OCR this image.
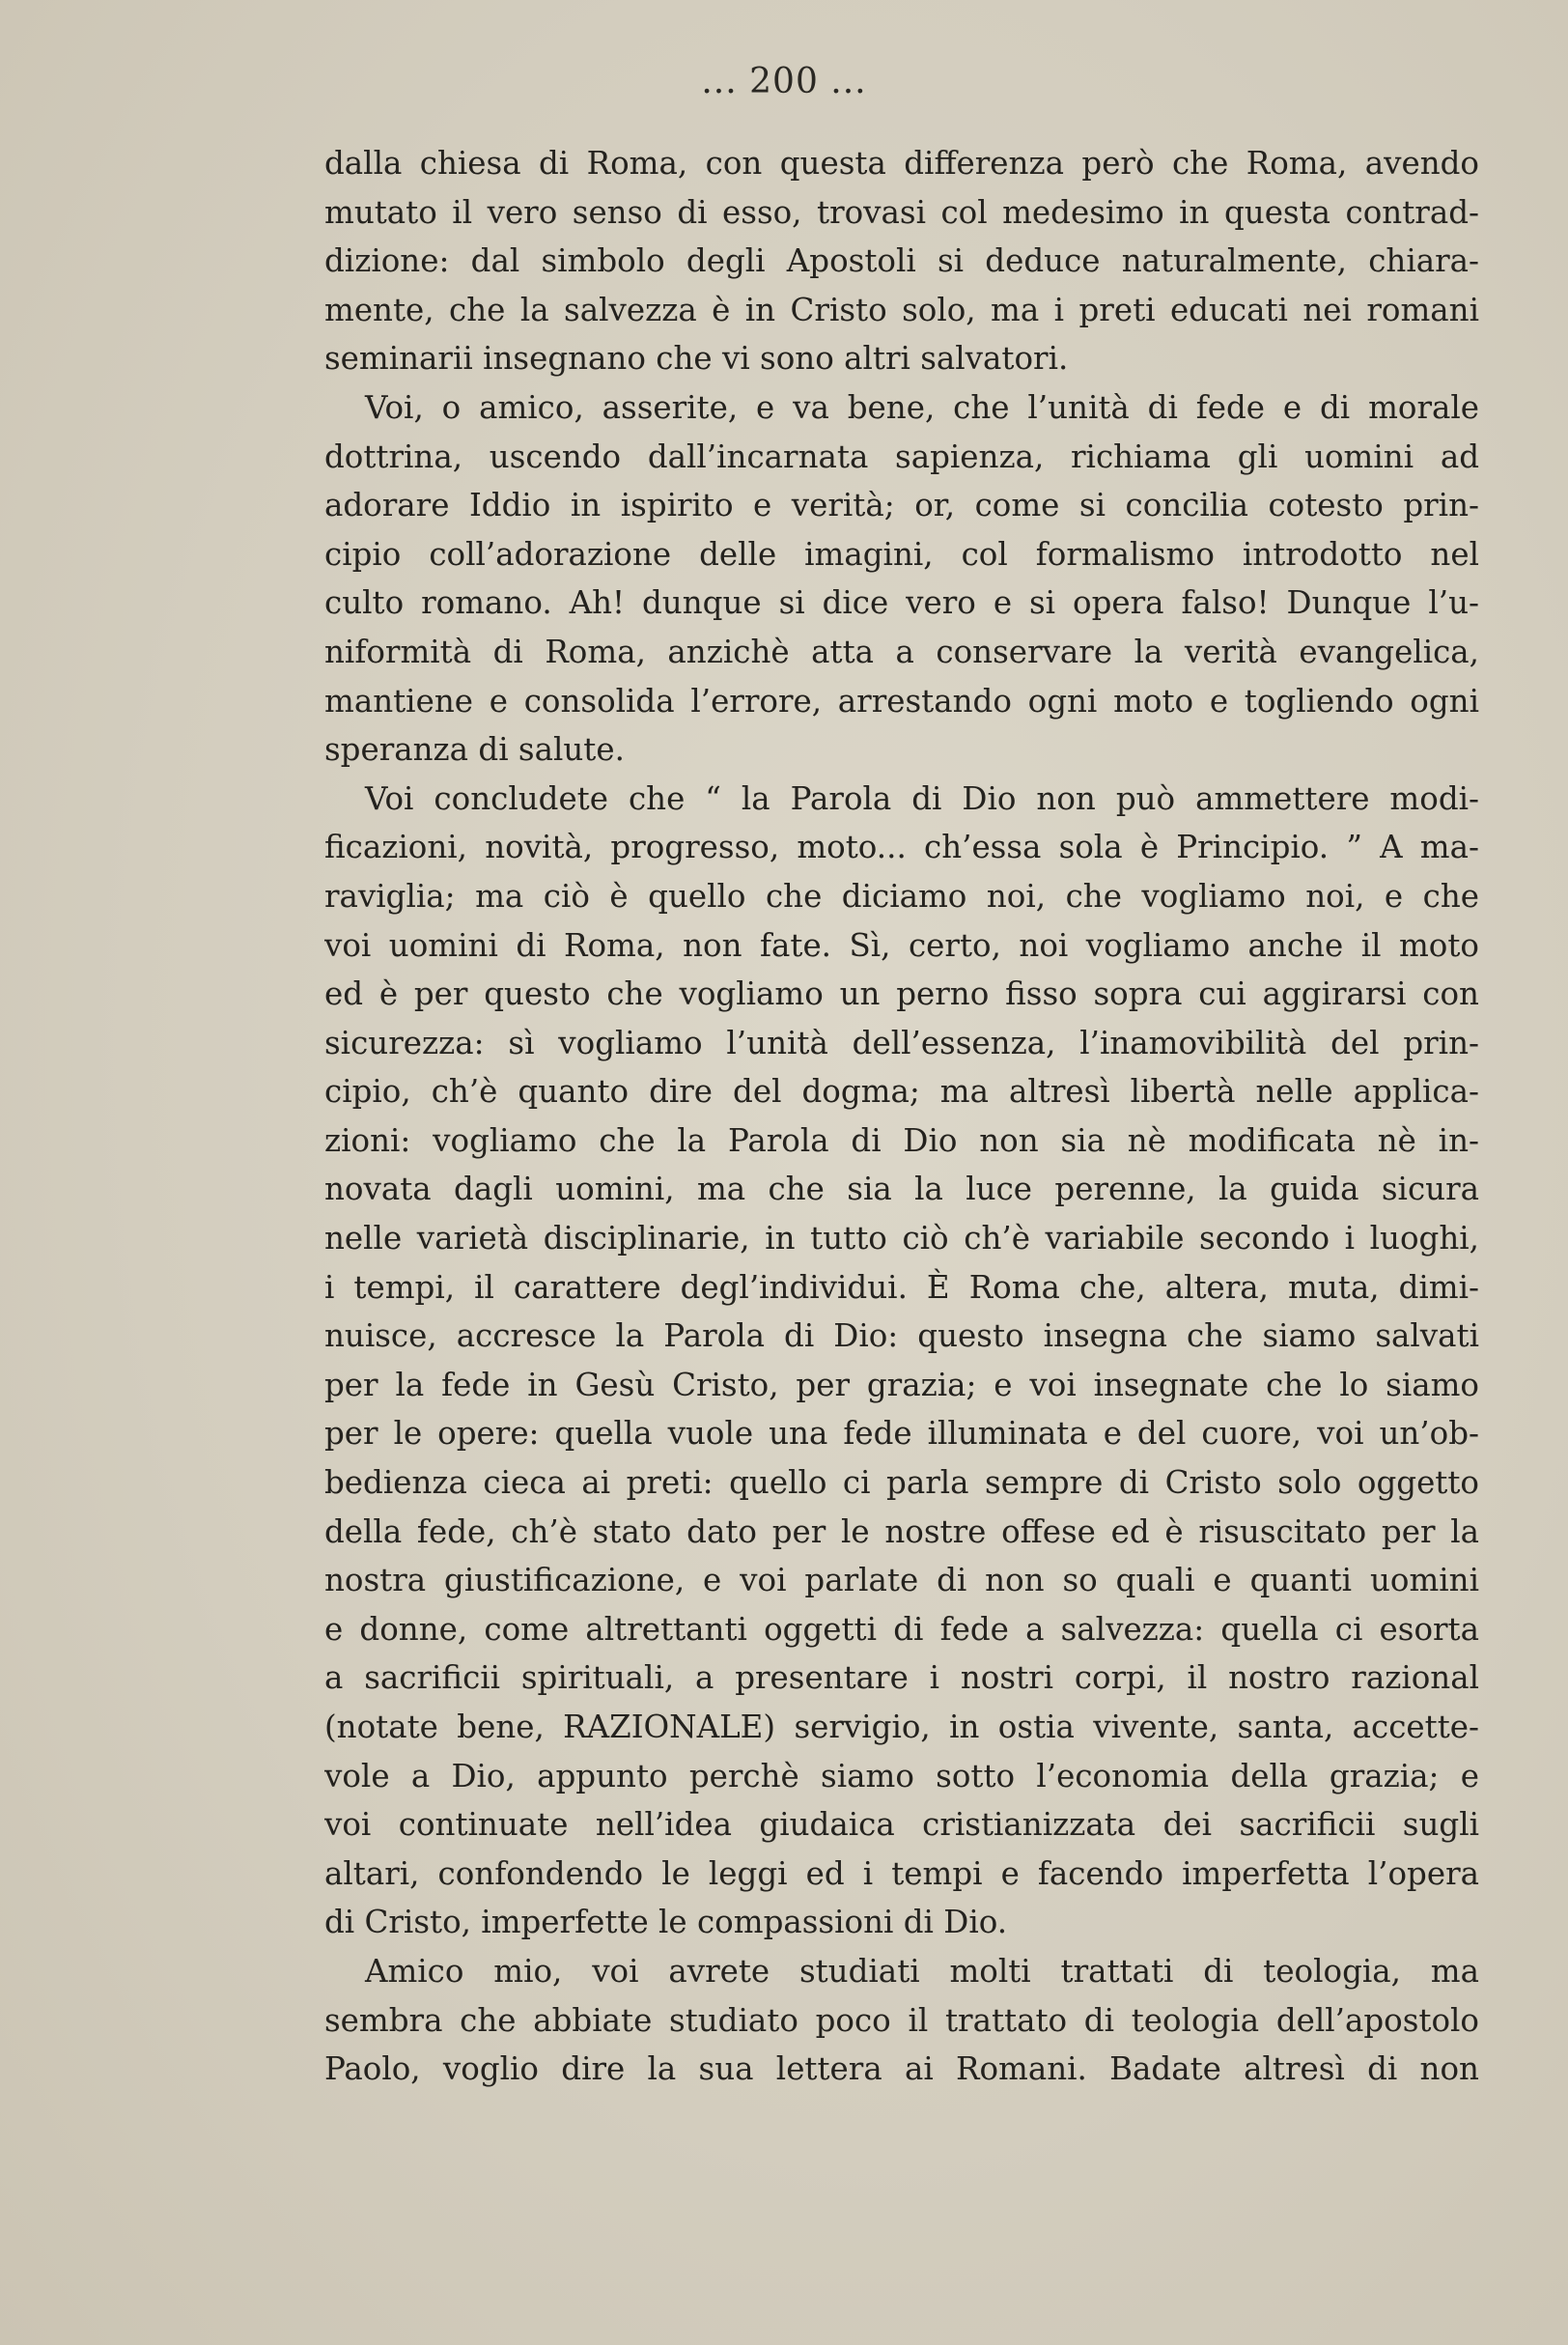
... 200 ...
dalla chiesa di Roma, con questa differenza però che Roma, avendo
mutato il vero senso di esso, trovasi col medesimo in questa contrad-
dizione: dal simbolo degli Apostoli si deduce naturalmente, chiara-
mente, che la salvezza è in Cristo solo, ma i preti educati nei romani
seminarii insegnano che vi sono altri salvatori.
Voi, o amico, asserite, e va bene, che l’unità di fede e di morale
dottrina, uscendo dall’incarnata sapienza, richiama gli uomini ad
adorare Iddio in ispirito e verità; or, come si concilia cotesto prin-
cipio coll’adorazione delle imagini, col formalismo introdotto nel
culto romano. Ah! dunque si dice vero e si opera falso! Dunque l’u-
niformità di Roma, anzichè atta a conservare la verità evangelica,
mantiene e consolida l’errore, arrestando ogni moto e togliendo ogni
speranza di salute.
Voi concludete che “ la Parola di Dio non può ammettere modi-
ficazioni, novità, progresso, moto... ch’essa sola è Principio. ” A ma-
raviglia; ma ciò è quello che diciamo noi, che vogliamo noi, e che
voi uomini di Roma, non fate. Sì, certo, noi vogliamo anche il moto
ed è per questo che vogliamo un perno fisso sopra cui aggirarsi con
sicurezza: sì vogliamo l’unità dell’essenza, l’inamovibilità del prin-
cipio, ch’è quanto dire del dogma; ma altresì libertà nelle applica-
zioni: vogliamo che la Parola di Dio non sia nè modificata nè in-
novata dagli uomini, ma che sia la luce perenne, la guida sicura
nelle varietà disciplinarie, in tutto ciò ch’è variabile secondo i luoghi,
i tempi, il carattere degl’individui. È Roma che, altera, muta, dimi-
nuisce, accresce la Parola di Dio: questo insegna che siamo salvati
per la fede in Gesù Cristo, per grazia; e voi insegnate che lo siamo
per le opere: quella vuole una fede illuminata e del cuore, voi un’ob-
bedienza cieca ai preti: quello ci parla sempre di Cristo solo oggetto
della fede, ch’è stato dato per le nostre offese ed è risuscitato per la
nostra giustificazione, e voi parlate di non so quali e quanti uomini
e donne, come altrettanti oggetti di fede a salvezza: quella ci esorta
a sacrificii spirituali, a presentare i nostri corpi, il nostro razional
(notate bene, RAZIONALE) servigio, in ostia vivente, santa, accette-
vole a Dio, appunto perchè siamo sotto l’economia della grazia; e
voi continuate nell’idea giudaica cristianizzata dei sacrificii sugli
altari, confondendo le leggi ed i tempi e facendo imperfetta l’opera
di Cristo, imperfette le compassioni di Dio.
Amico mio, voi avrete studiati molti trattati di teologia, ma
sembra che abbiate studiato poco il trattato di teologia dell’apostolo
Paolo, voglio dire la sua lettera ai Romani. Badate altresì di non
